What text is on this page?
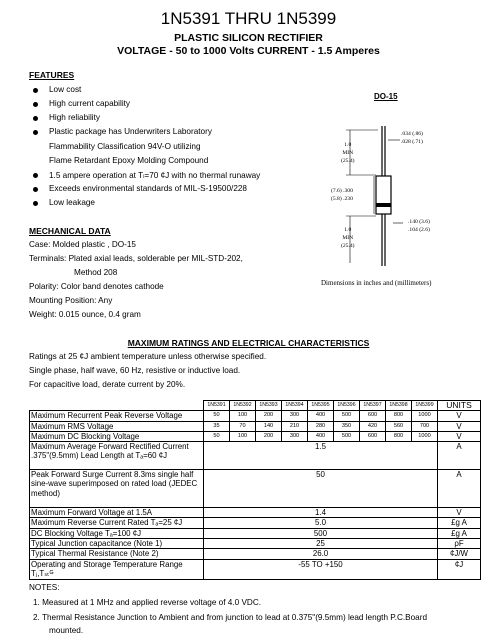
1N5391 THRU 1N5399
PLASTIC SILICON RECTIFIER
VOLTAGE - 50 to 1000 Volts CURRENT - 1.5 Amperes
FEATURES
Low cost
High current capability
High reliability
Plastic package has Underwriters Laboratory
Flammability Classification 94V-O utilizing
Flame Retardant Epoxy Molding Compound
1.5 ampere operation at Tₗ=70 ¢J with no thermal runaway
Exceeds environmental standards of MIL-S-19500/228
Low leakage
MECHANICAL DATA
Case: Molded plastic , DO-15
Terminals: Plated axial leads, solderable per MIL-STD-202,
Method 208
Polarity: Color band denotes cathode
Mounting Position: Any
Weight: 0.015 ounce, 0.4 gram
DO-15
.034 (.86)
.028 (.71)
1.0
MIN
(25.4)
(7.6) .300
(5.8) .230
1.0
MIN
(25.4)
.140 (3.6)
.104 (2.6)
Dimensions in inches and (millimeters)
MAXIMUM RATINGS AND ELECTRICAL CHARACTERISTICS
Ratings at 25 ¢J ambient temperature unless otherwise specified.
Single phase, half wave, 60 Hz, resistive or inductive load.
For capacitive load, derate current by 20%.
	1N5391	1N5392	1N5393	1N5394	1N5395	1N5396	1N5397	1N5398	1N5399	UNITS
Maximum Recurrent Peak Reverse Voltage	50	100	200	300	400	500	600	800	1000	V
Maximum RMS Voltage	35	70	140	210	280	350	420	560	700	V
Maximum DC Blocking Voltage	50	100	200	300	400	500	600	800	1000	V
Maximum Average Forward Rectified Current .375"(9.5mm) Lead Length at Tₐ=60 ¢J	1.5									A
Peak Forward Surge Current 8.3ms single half sine-wave superimposed on rated load (JEDEC method)	50									A
Maximum Forward Voltage at 1.5A	1.4									V
Maximum Reverse Current Rated Tₐ=25 ¢J	5.0									£g A
DC Blocking Voltage Tₐ=100 ¢J	500									£g A
Typical Junction capacitance (Note 1)	25									ρF
Typical Thermal Resistance (Note 2)	26.0									¢J/W
Operating and Storage Temperature Range Tⱼ,Tₛₜᴳ	-55 TO +150									¢J
NOTES:
1. Measured at 1 MHz and applied reverse voltage of 4.0 VDC.
2. Thermal Resistance Junction to Ambient and from junction to lead at 0.375"(9.5mm) lead length P.C.Board
mounted.
